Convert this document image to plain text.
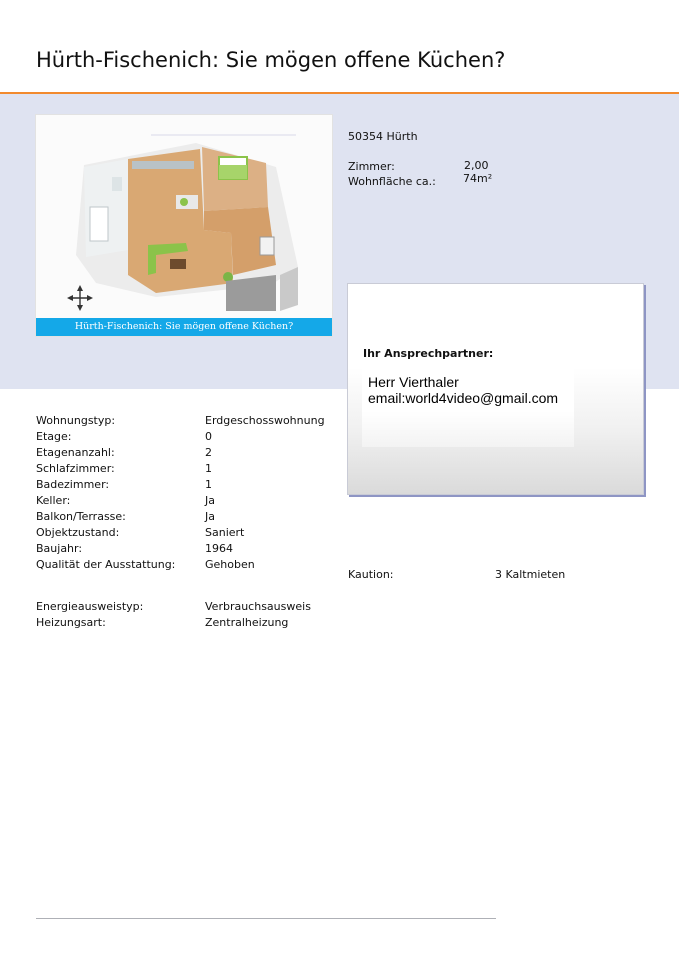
Hürth-Fischenich: Sie mögen offene Küchen?
Hürth-Fischenich: Sie mögen offene Küchen?
50354 Hürth
Zimmer:	2,00
Wohnfläche ca.: 74m²
Ihr Ansprechpartner:
Herr Vierthaler
email:world4video@gmail.com
Wohnungstyp:	Erdgeschosswohnung
Etage:	0
Etagenanzahl:	2
Schlafzimmer:	1
Badezimmer:	1
Keller:	Ja
Balkon/Terrasse:	Ja
Objektzustand:	Saniert
Baujahr:	1964
Qualität der Ausstattung:	Gehoben
Kaution:	3 Kaltmieten
Energieausweistyp:	Verbrauchsausweis
Heizungsart:	Zentralheizung
